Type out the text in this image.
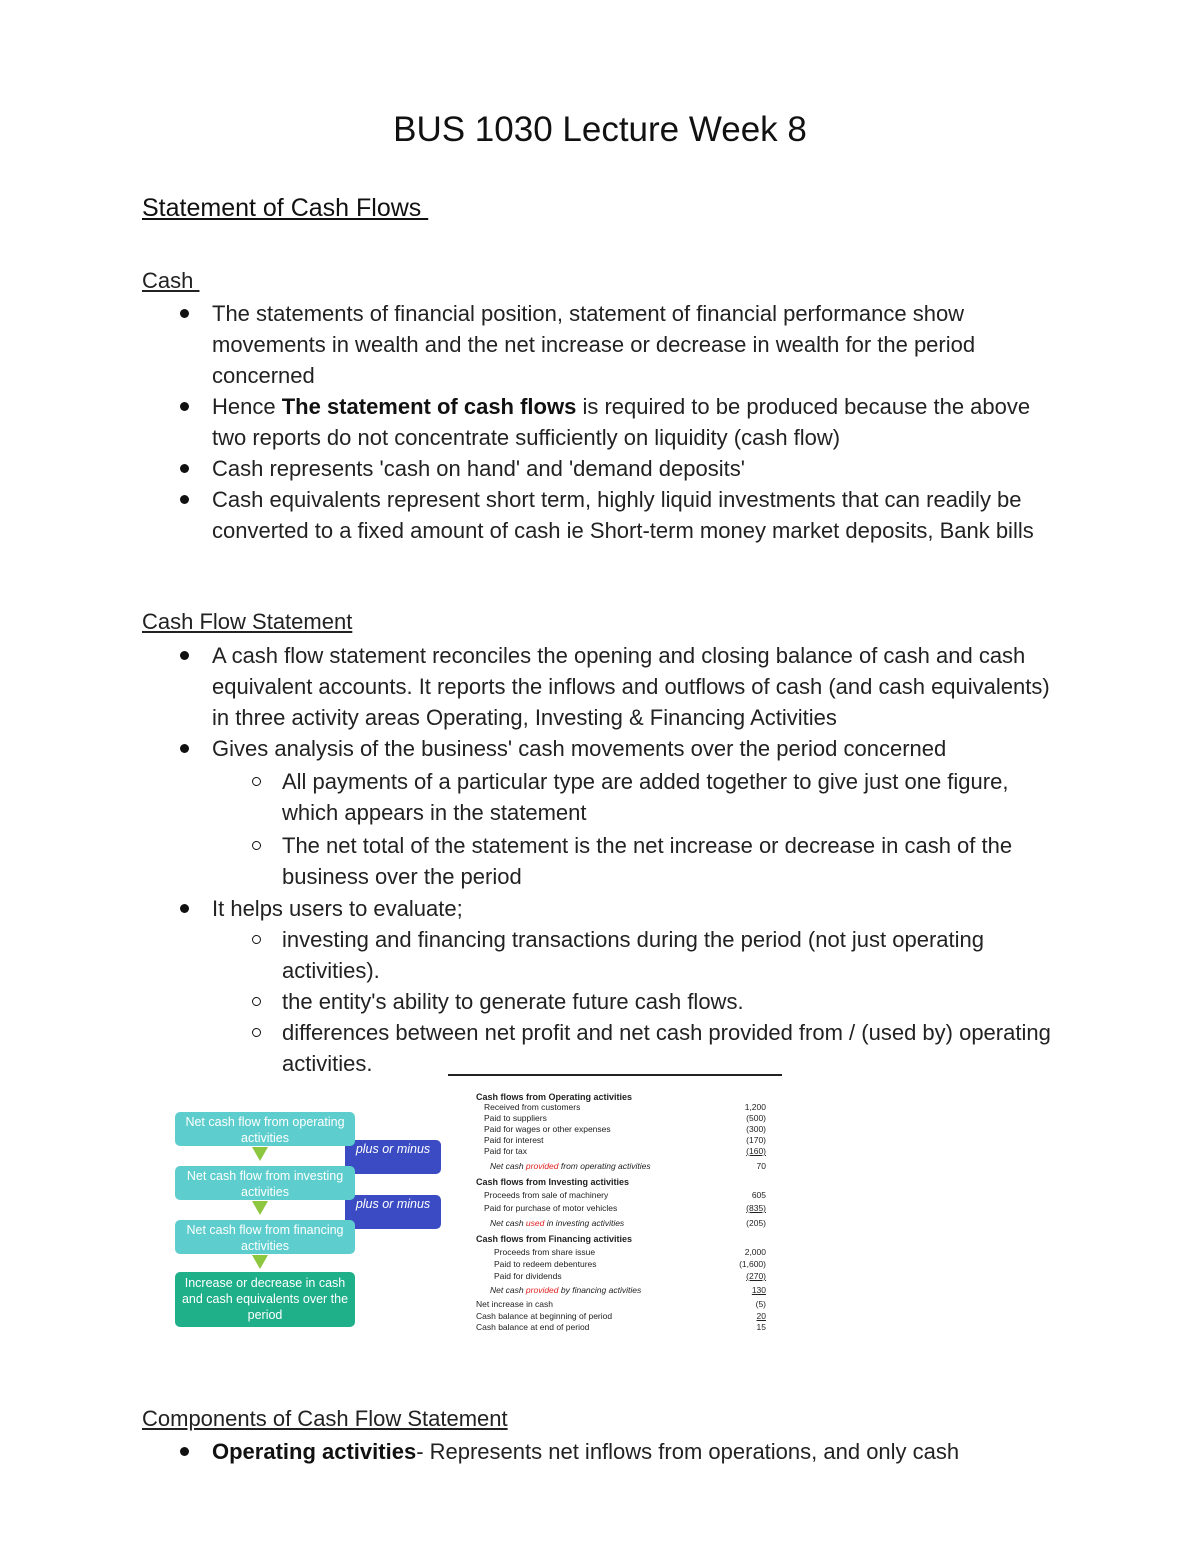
BUS 1030 Lecture Week 8
Statement of Cash Flows
Cash
The statements of financial position, statement of financial performance show movements in wealth and the net increase or decrease in wealth for the period concerned
Hence The statement of cash flows is required to be produced because the above two reports do not concentrate sufficiently on liquidity (cash flow)
Cash represents 'cash on hand' and 'demand deposits'
Cash equivalents represent short term, highly liquid investments that can readily be converted to a fixed amount of cash ie Short-term money market deposits, Bank bills
Cash Flow Statement
A cash flow statement reconciles the opening and closing balance of cash and cash equivalent accounts. It reports the inflows and outflows of cash (and cash equivalents) in three activity areas Operating, Investing & Financing Activities
Gives analysis of the business' cash movements over the period concerned
All payments of a particular type are added together to give just one figure, which appears in the statement
The net total of the statement is the net increase or decrease in cash of the business over the period
It helps users to evaluate;
investing and financing transactions during the period (not just operating activities).
the entity's ability to generate future cash flows.
differences between net profit and net cash provided from / (used by) operating activities.
plus or minus
plus or minus
Net cash flow from operating activities
Net cash flow from investing activities
Net cash flow from financing activities
Increase or decrease in cash and cash equivalents over the period
Cash flows from Operating activities
Received from customers	1,200
Paid to suppliers	(500)
Paid for wages or other expenses	(300)
Paid for interest	(170)
Paid for tax	(160)
Net cash provided from operating activities	70
Cash flows from Investing activities
Proceeds from sale of machinery	605
Paid for purchase of motor vehicles	(835)
Net cash used in investing activities	(205)
Cash flows from Financing activities
Proceeds from share issue	2,000
Paid to redeem debentures	(1,600)
Paid for dividends	(270)
Net cash provided by financing activities	130
Net increase in cash	(5)
Cash balance at beginning of period	20
Cash balance at end of period	15
Components of Cash Flow Statement
Operating activities- Represents net inflows from operations, and only cash
